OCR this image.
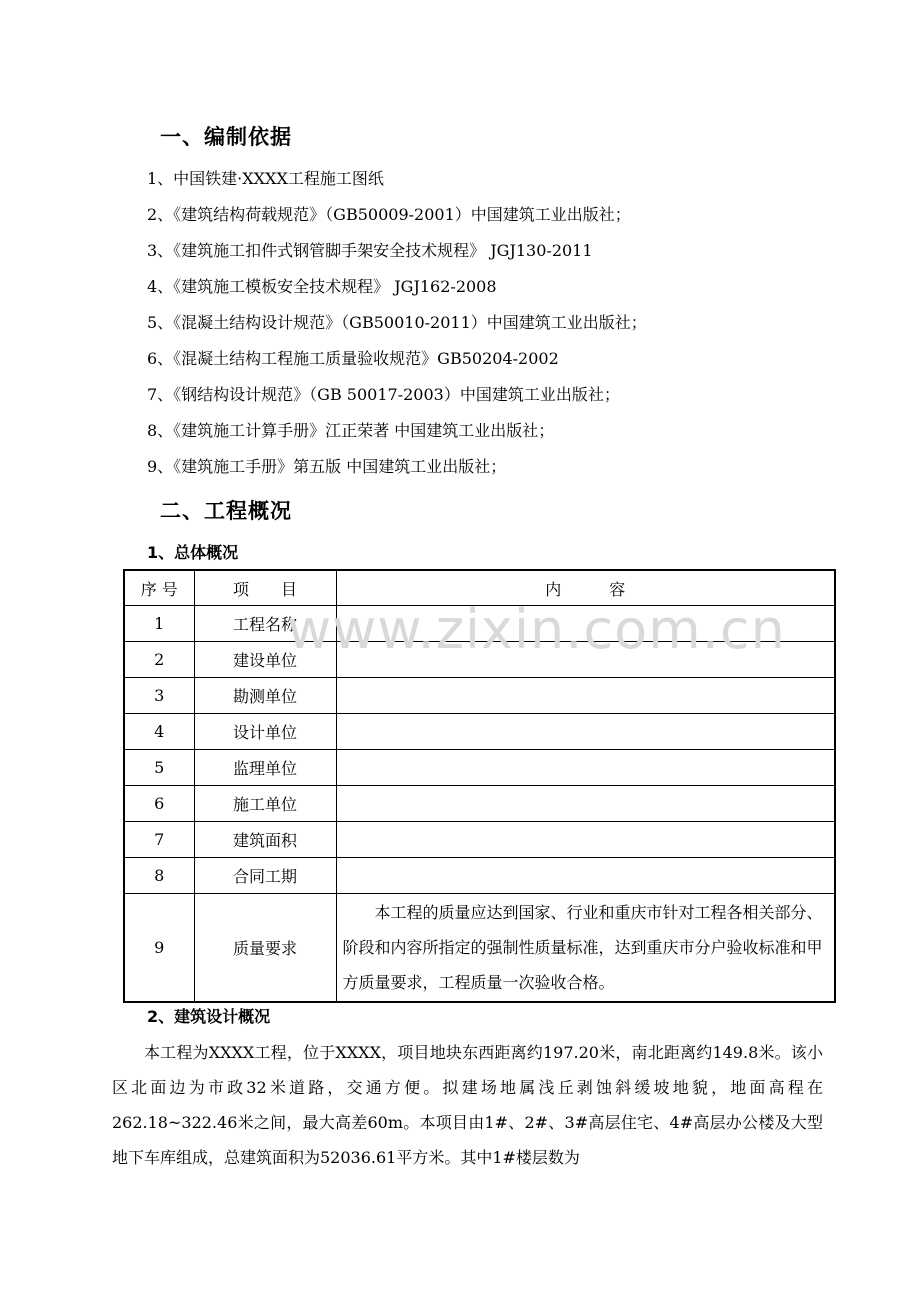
一、编制依据
1、中国铁建·XXXX工程施工图纸
2、《建筑结构荷载规范》（GB50009-2001）中国建筑工业出版社；
3、《建筑施工扣件式钢管脚手架安全技术规程》 JGJ130-2011
4、《建筑施工模板安全技术规程》 JGJ162-2008
5、《混凝土结构设计规范》（GB50010-2011）中国建筑工业出版社；
6、《混凝土结构工程施工质量验收规范》GB50204-2002
7、《钢结构设计规范》（GB 50017-2003）中国建筑工业出版社；
8、《建筑施工计算手册》江正荣著 中国建筑工业出版社；
9、《建筑施工手册》第五版 中国建筑工业出版社；
二、工程概况
1、总体概况
序 号	项　　目	内　　　容
1	工程名称	
2	建设单位	
3	勘测单位	
4	设计单位	
5	监理单位	
6	施工单位	
7	建筑面积	
8	合同工期	
9	质量要求	本工程的质量应达到国家、行业和重庆市针对工程各相关部分、阶段和内容所指定的强制性质量标准，达到重庆市分户验收标准和甲方质量要求，工程质量一次验收合格。
www.zixin.com.cn
2、建筑设计概况

本工程为XXXX工程，位于XXXX，项目地块东西距离约197.20米，南北距离约149.8米。该小区北面边为市政32米道路，交通方便。拟建场地属浅丘剥蚀斜缓坡地貌，地面高程在262.18~322.46米之间，最大高差60m。本项目由1#、2#、3#高层住宅、4#高层办公楼及大型地下车库组成，总建筑面积为52036.61平方米。其中1#楼层数为
